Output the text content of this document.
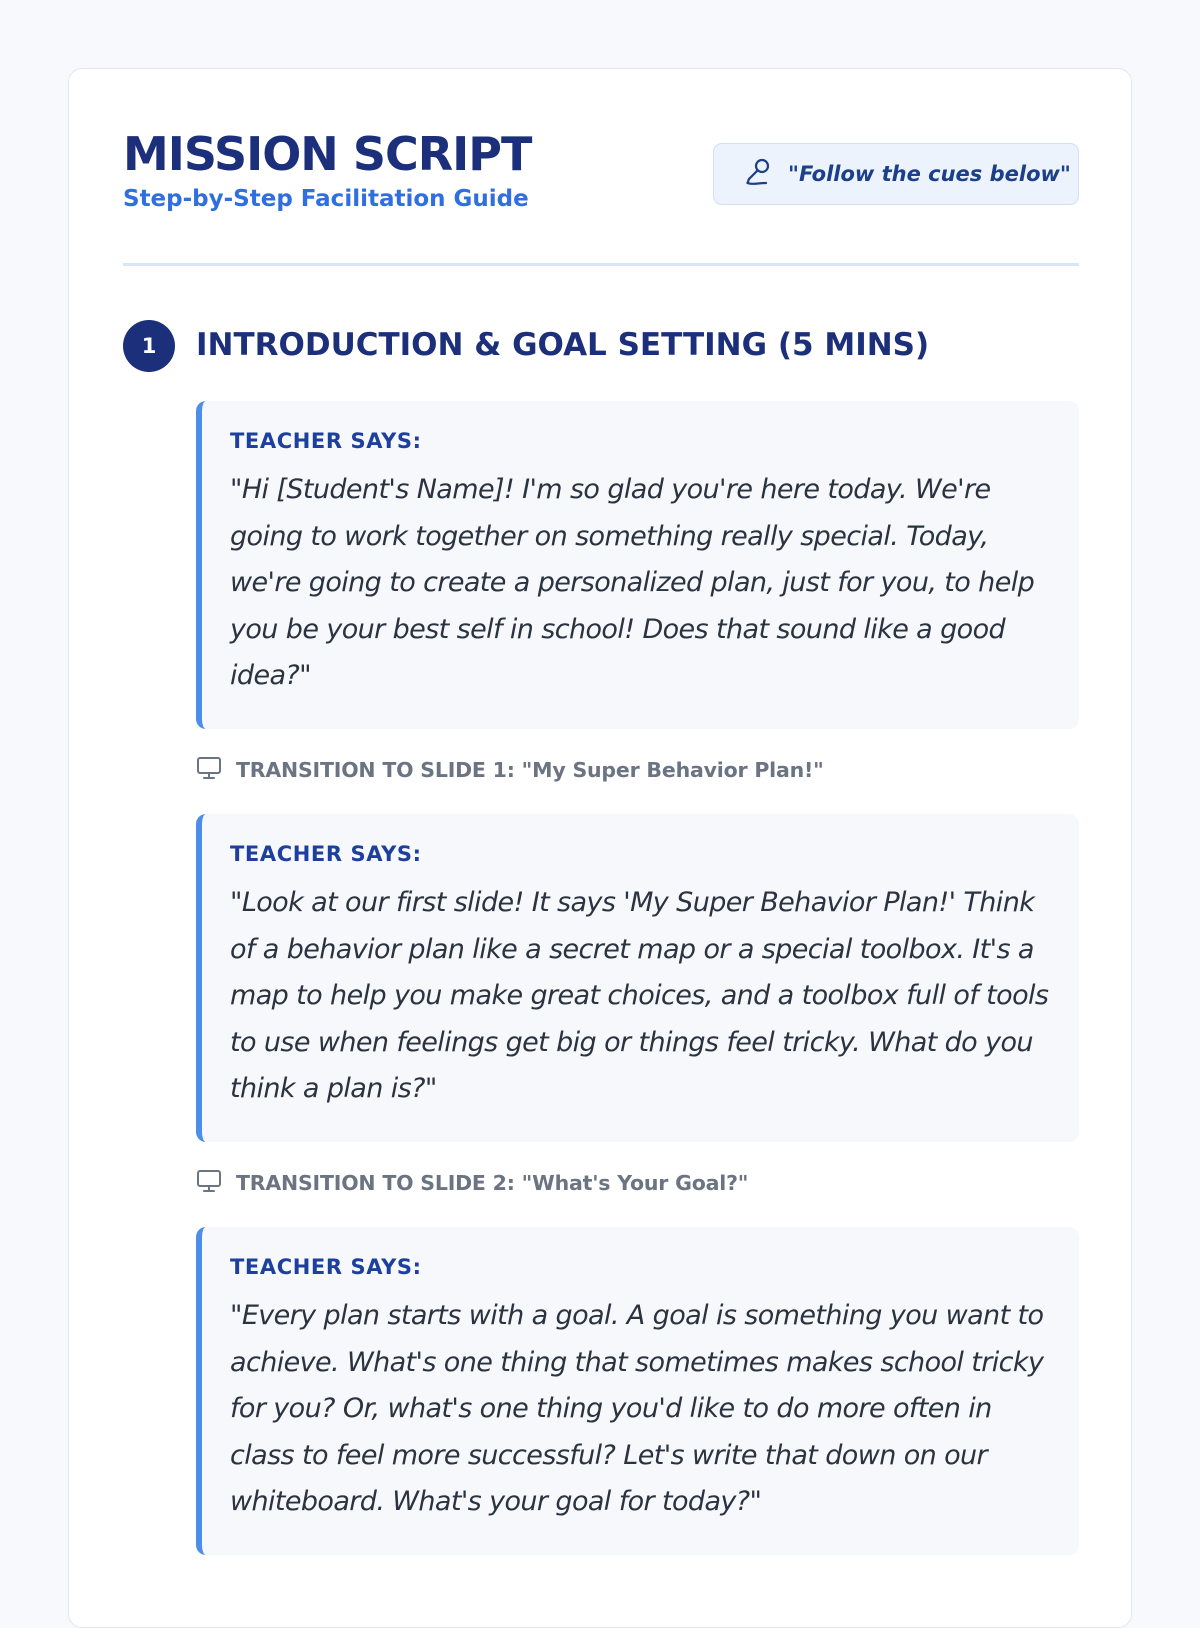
MISSION SCRIPT
Step-by-Step Facilitation Guide
"Follow the cues below"
1	INTRODUCTION & GOAL SETTING (5 MINS)
TEACHER SAYS:
"Hi [Student's Name]! I'm so glad you're here today. We're going to work together on something really special. Today, we're going to create a personalized plan, just for you, to help you be your best self in school! Does that sound like a good idea?"
TRANSITION TO SLIDE 1: "My Super Behavior Plan!"
TEACHER SAYS:
"Look at our first slide! It says 'My Super Behavior Plan!' Think of a behavior plan like a secret map or a special toolbox. It's a map to help you make great choices, and a toolbox full of tools to use when feelings get big or things feel tricky. What do you think a plan is?"
TRANSITION TO SLIDE 2: "What's Your Goal?"
TEACHER SAYS:
"Every plan starts with a goal. A goal is something you want to achieve. What's one thing that sometimes makes school tricky for you? Or, what's one thing you'd like to do more often in class to feel more successful? Let's write that down on our whiteboard. What's your goal for today?"
